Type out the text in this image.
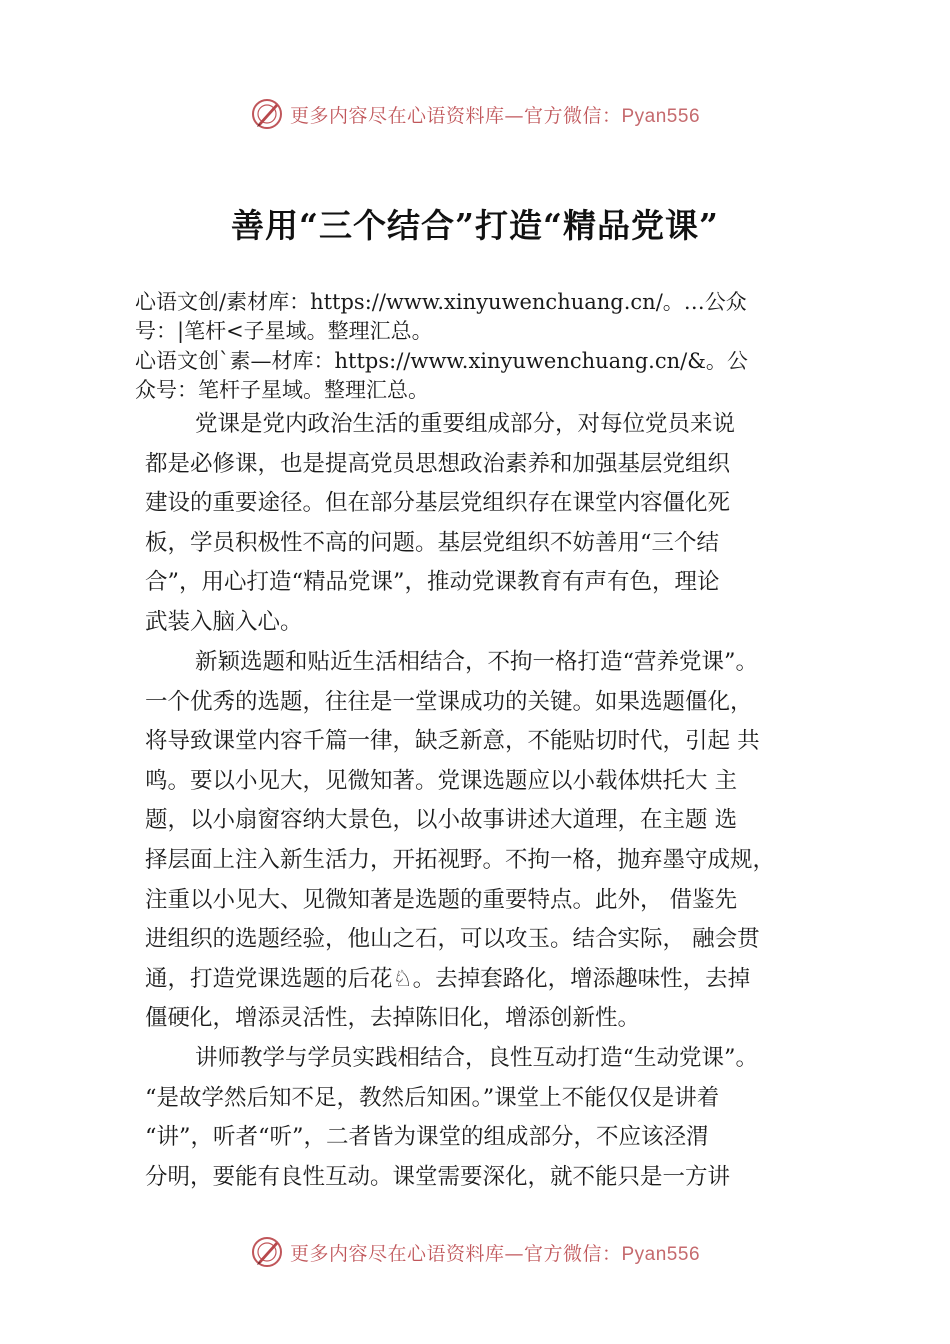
更多内容尽在心语资料库—官方微信：Pyan556
善用“三个结合”打造“精品党课”
心语文创/素材库：https://www.xinyuwenchuang.cn/。…公众
号：|笔杆<子星域。整理汇总。
心语文创`素—材库：https://www.xinyuwenchuang.cn/&。公
众号：笔杆子星域。整理汇总。
党课是党内政治生活的重要组成部分，对每位党员来说
都是必修课，也是提高党员思想政治素养和加强基层党组织
建设的重要途径。但在部分基层党组织存在课堂内容僵化死
板，学员积极性不高的问题。基层党组织不妨善用“三个结
合”，用心打造“精品党课”，推动党课教育有声有色，理论
武装入脑入心。
新颖选题和贴近生活相结合，不拘一格打造“营养党课”。
一个优秀的选题，往往是一堂课成功的关键。如果选题僵化，
将导致课堂内容千篇一律，缺乏新意，不能贴切时代，引起 共
鸣。要以小见大，见微知著。党课选题应以小载体烘托大 主
题，以小扇窗容纳大景色，以小故事讲述大道理，在主题 选
择层面上注入新生活力，开拓视野。不拘一格，抛弃墨守成规，
注重以小见大、见微知著是选题的重要特点。此外， 借鉴先
进组织的选题经验，他山之石，可以攻玉。结合实际， 融会贯
通，打造党课选题的后花♘。去掉套路化，增添趣味性，去掉
僵硬化，增添灵活性，去掉陈旧化，增添创新性。
讲师教学与学员实践相结合，良性互动打造“生动党课”。
“是故学然后知不足，教然后知困。”课堂上不能仅仅是讲着
“讲”，听者“听”，二者皆为课堂的组成部分，不应该泾渭
分明，要能有良性互动。课堂需要深化，就不能只是一方讲
更多内容尽在心语资料库—官方微信：Pyan556
